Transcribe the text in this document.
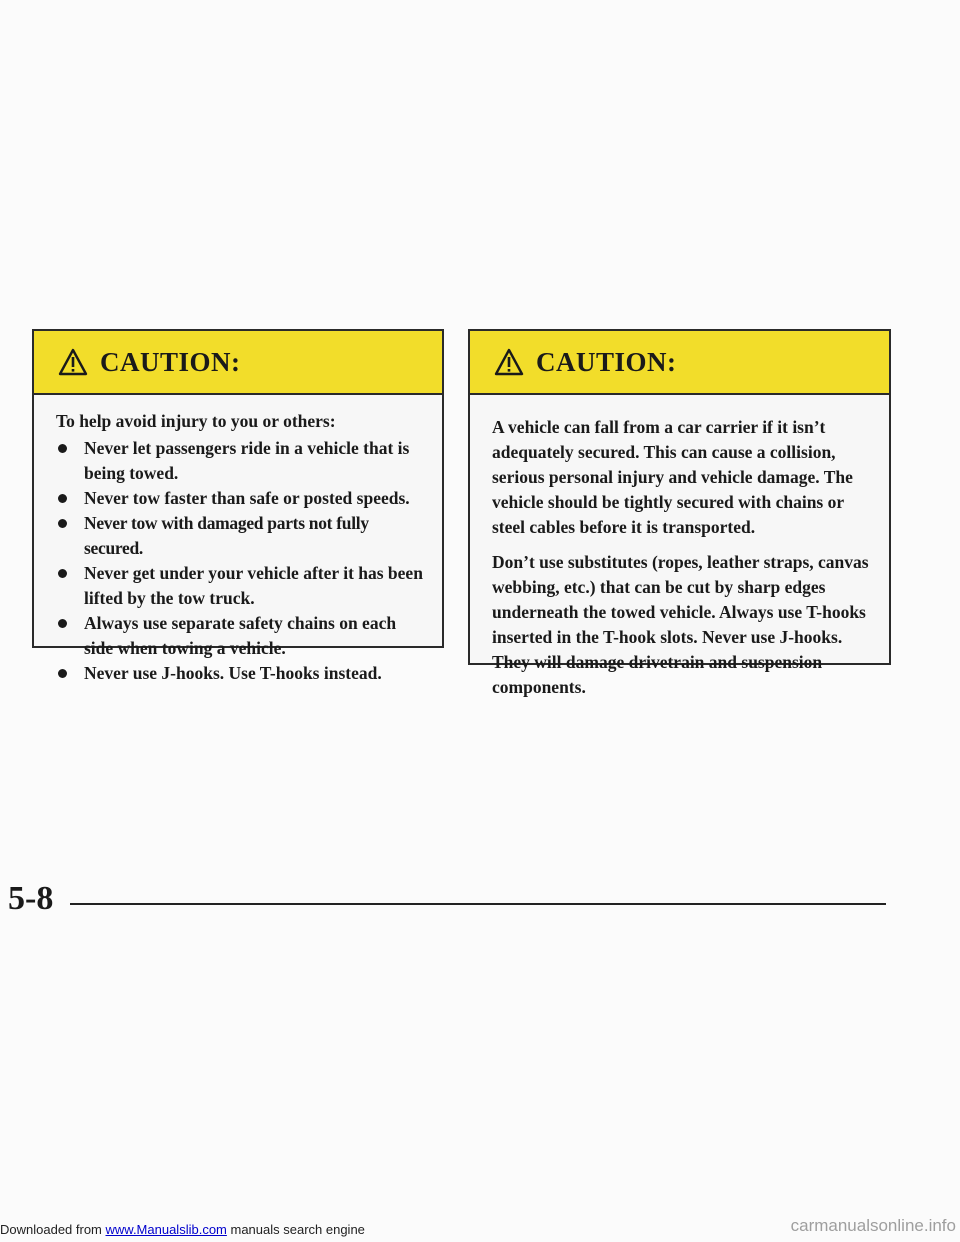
CAUTION:

To help avoid injury to you or others:

Never let passengers ride in a vehicle that is being towed.
Never tow faster than safe or posted speeds.
Never tow with damaged parts not fully secured.
Never get under your vehicle after it has been lifted by the tow truck.
Always use separate safety chains on each side when towing a vehicle.
Never use J-hooks. Use T-hooks instead.
CAUTION:

A vehicle can fall from a car carrier if it isn’t adequately secured. This can cause a collision, serious personal injury and vehicle damage. The vehicle should be tightly secured with chains or steel cables before it is transported.

Don’t use substitutes (ropes, leather straps, canvas webbing, etc.) that can be cut by sharp edges underneath the towed vehicle. Always use T-hooks inserted in the T-hook slots. Never use J-hooks. They will damage drivetrain and suspension components.

5-8
Downloaded from www.Manualslib.com manuals search engine	carmanualsonline.info
